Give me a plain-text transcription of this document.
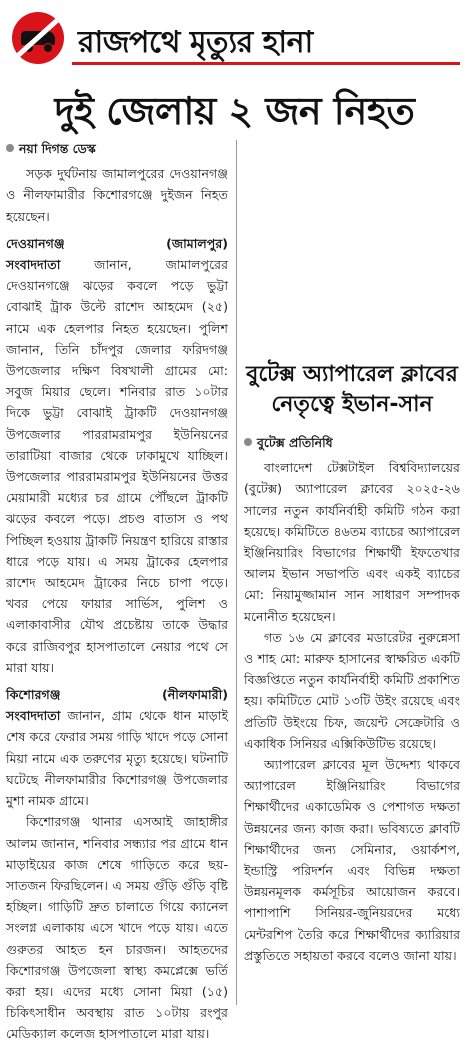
রাজপথে মৃত্যুর হানা
দুই জেলায় ২ জন নিহত
নয়া দিগন্ত ডেস্ক

সড়ক দুর্ঘটনায় জামালপুরের দেওয়ানগঞ্জ ও নীলফামারীর কিশোরগঞ্জে দুইজন নিহত হয়েছেন।

দেওয়ানগঞ্জ	(জামালপুর)

সংবাদদাতা জানান, জামালপুরের দেওয়ানগঞ্জে ঝড়ের কবলে পড়ে ভুট্টা বোঝাই ট্রাক উল্টে রাশেদ আহমেদ (২৫) নামে এক হেলপার নিহত হয়েছেন। পুলিশ জানান, তিনি চাঁদপুর জেলার ফরিদগঞ্জ উপজেলার দক্ষিণ বিষখালী গ্রামের মো: সবুজ মিয়ার ছেলে। শনিবার রাত ১০টার দিকে ভুট্টা বোঝাই ট্রাকটি দেওয়ানগঞ্জ উপজেলার পাররামরামপুর ইউনিয়নের তারাটিয়া বাজার থেকে ঢাকামুখে যাচ্ছিল। উপজেলার পাররামরামপুর ইউনিয়নের উত্তর মেয়ামারী মধ্যের চর গ্রামে পৌঁছলে ট্রাকটি ঝড়ের কবলে পড়ে। প্রচণ্ড বাতাস ও পথ পিচ্ছিল হওয়ায় ট্রাকটি নিয়ন্ত্রণ হারিয়ে রাস্তার ধারে পড়ে যায়। এ সময় ট্রাকের হেলপার রাশেদ আহমেদ ট্রাকের নিচে চাপা পড়ে। খবর পেয়ে ফায়ার সার্ভিস, পুলিশ ও এলাকাবাসীর যৌথ প্রচেষ্টায় তাকে উদ্ধার করে রাজিবপুর হাসপাতালে নেয়ার পথে সে মারা যায়।

কিশোরগঞ্জ	(নীলফামারী)

সংবাদদাতা জানান, গ্রাম থেকে ধান মাড়াই শেষ করে ফেরার সময় গাড়ি খাদে পড়ে সোনা মিয়া নামে এক তরুণের মৃত্যু হয়েছে। ঘটনাটি ঘটেছে নীলফামারীর কিশোরগঞ্জ উপজেলার মুশা নামক গ্রামে।

কিশোরগঞ্জ থানার এসআই জাহাঙ্গীর আলম জানান, শনিবার সন্ধ্যার পর গ্রামে ধান মাড়াইয়ের কাজ শেষে গাড়িতে করে ছয়-সাতজন ফিরছিলেন। এ সময় গুঁড়ি গুঁড়ি বৃষ্টি হচ্ছিল। গাড়িটি দ্রুত চালাতে গিয়ে ক্যানেল সংলগ্ন এলাকায় এসে খাদে পড়ে যায়। এতে গুরুতর আহত হন চারজন। আহতদের কিশোরগঞ্জ উপজেলা স্বাস্থ্য কমপ্লেক্সে ভর্তি করা হয়। এদের মধ্যে সোনা মিয়া (১৫) চিকিৎসাধীন অবস্থায় রাত ১০টায় রংপুর মেডিক্যাল কলেজ হাসপাতালে মারা যায়।

বুটেক্স অ্যাপারেল ক্লাবের নেতৃত্বে ইভান-সান
বুটেক্স প্রতিনিধি

বাংলাদেশ টেক্সটাইল বিশ্ববিদ্যালয়ের (বুটেক্স) অ্যাপারেল ক্লাবের ২০২৫-২৬ সালের নতুন কার্যনির্বাহী কমিটি গঠন করা হয়েছে। কমিটিতে ৪৬তম ব্যাচের অ্যাপারেল ইঞ্জিনিয়ারিং বিভাগের শিক্ষার্থী ইফতেখার আলম ইভান সভাপতি এবং একই ব্যাচের মো: নিয়ামুজ্জামান সান সাধারণ সম্পাদক মনোনীত হয়েছেন।

গত ১৬ মে ক্লাবের মডারেটর নুরুন্নেসা ও শাহ মো: মারুফ হাসানের স্বাক্ষরিত একটি বিজ্ঞপ্তিতে নতুন কার্যনির্বাহী কমিটি প্রকাশিত হয়। কমিটিতে মোট ১৩টি উইং রয়েছে এবং প্রতিটি উইংয়ে চিফ, জয়েন্ট সেক্রেটারি ও একাধিক সিনিয়র এক্সিকিউটিভ রয়েছে।

অ্যাপারেল ক্লাবের মূল উদ্দেশ্য থাকবে অ্যাপারেল ইঞ্জিনিয়ারিং বিভাগের শিক্ষার্থীদের একাডেমিক ও পেশাগত দক্ষতা উন্নয়নের জন্য কাজ করা। ভবিষ্যতে ক্লাবটি শিক্ষার্থীদের জন্য সেমিনার, ওয়ার্কশপ, ইন্ডাস্ট্রি পরিদর্শন এবং বিভিন্ন দক্ষতা উন্নয়নমূলক কর্মসূচির আয়োজন করবে। পাশাপাশি সিনিয়র-জুনিয়রদের মধ্যে মেন্টরশিপ তৈরি করে শিক্ষার্থীদের ক্যারিয়ার প্রস্তুতিতে সহায়তা করবে বলেও জানা যায়।
